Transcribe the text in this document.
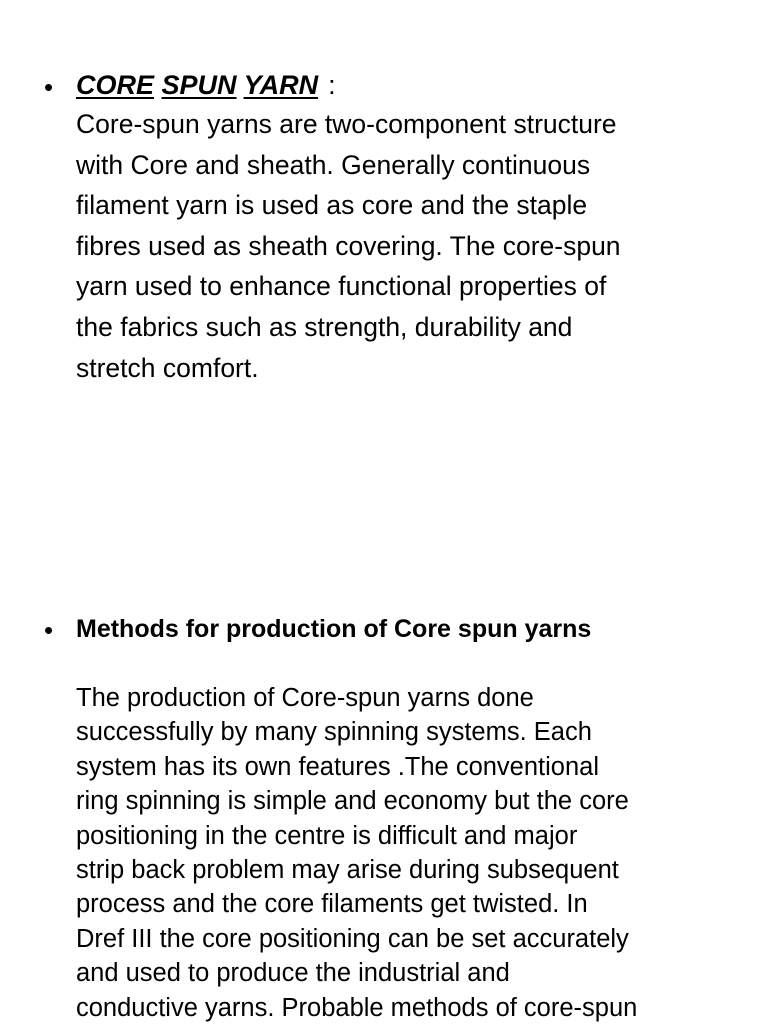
• CORE SPUN YARN :
Core-spun yarns are two-component structure
with Core and sheath. Generally continuous
filament yarn is used as core and the staple
fibres used as sheath covering. The core-spun
yarn used to enhance functional properties of
the fabrics such as strength, durability and
stretch comfort.
• Methods for production of Core spun yarns
The production of Core-spun yarns done
successfully by many spinning systems. Each
system has its own features .The conventional
ring spinning is simple and economy but the core
positioning in the centre is difficult and major
strip back problem may arise during subsequent
process and the core filaments get twisted. In
Dref III the core positioning can be set accurately
and used to produce the industrial and
conductive yarns. Probable methods of core-spun
